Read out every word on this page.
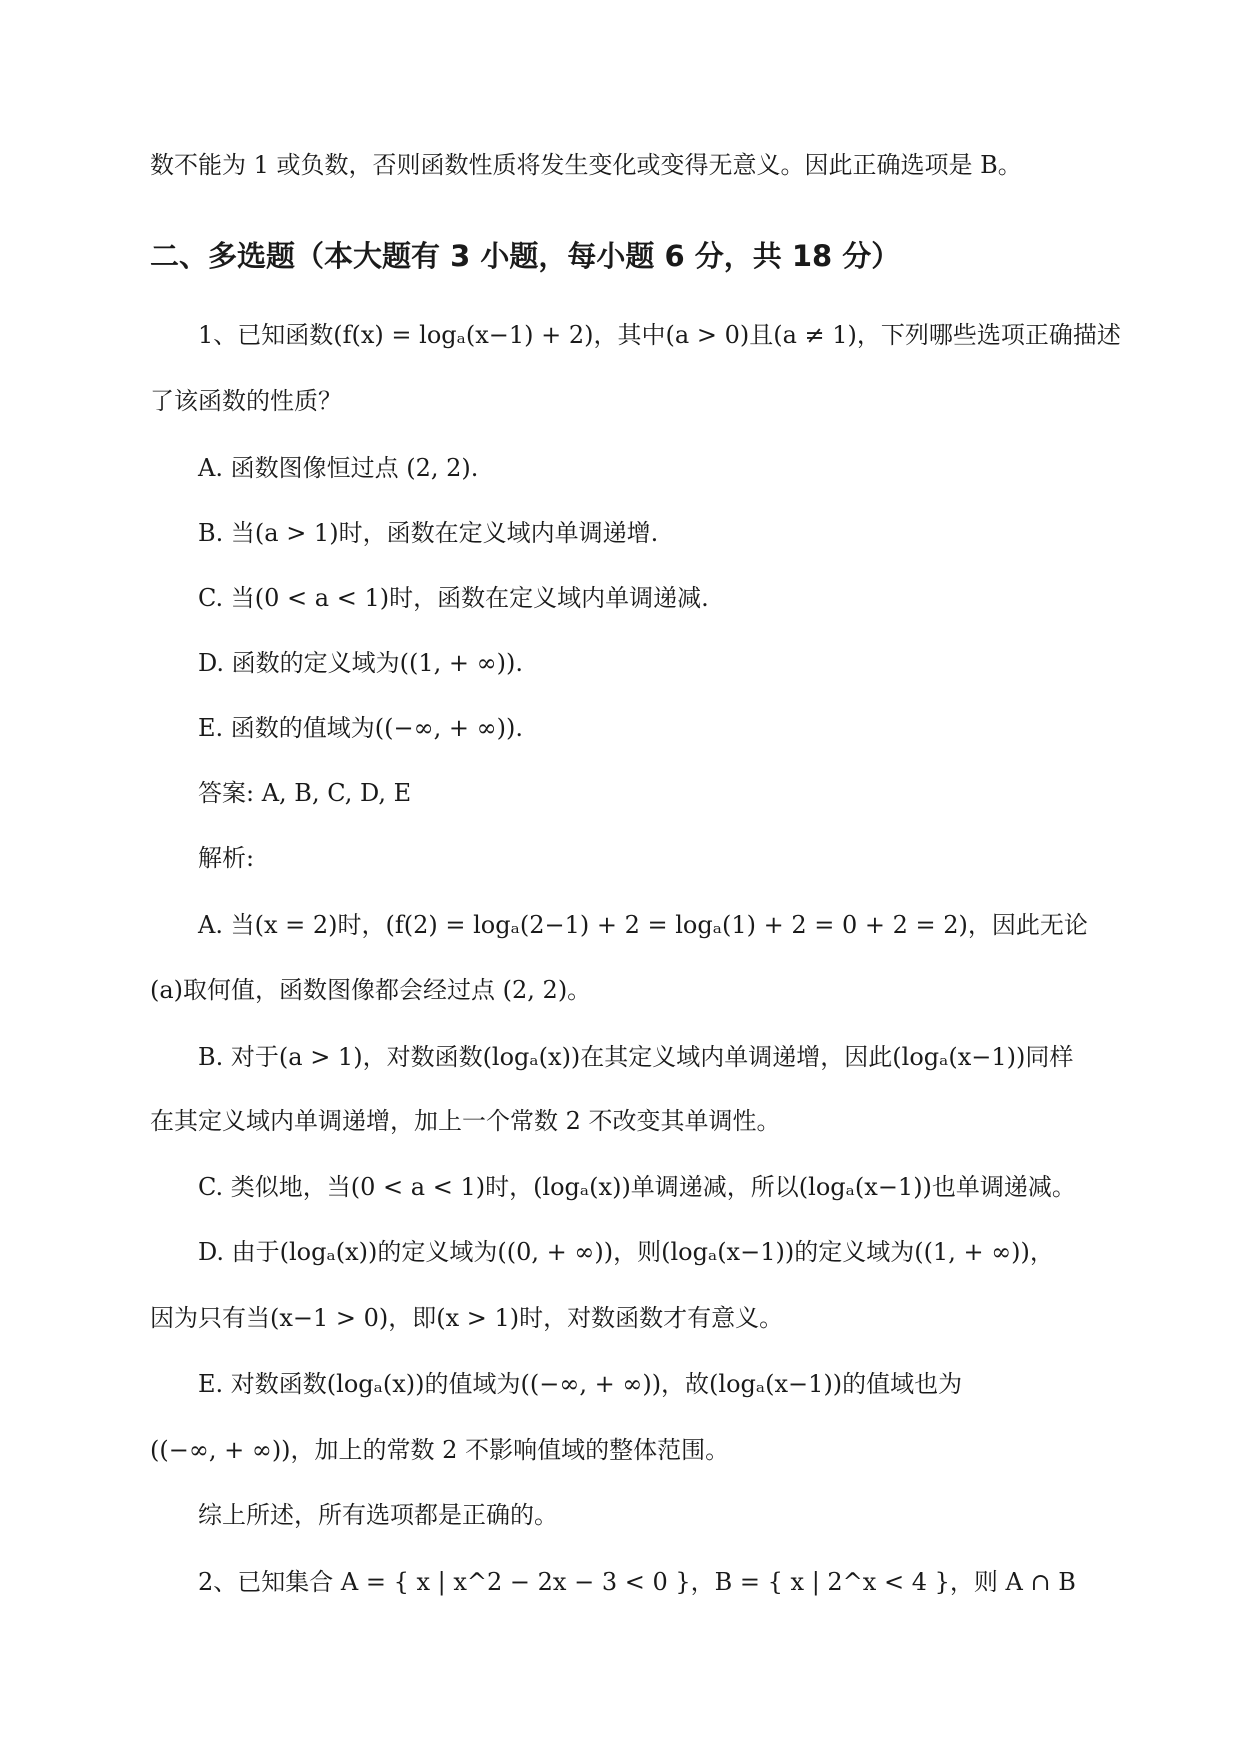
数不能为 1 或负数，否则函数性质将发生变化或变得无意义。因此正确选项是 B。
二、多选题（本大题有 3 小题，每小题 6 分，共 18 分）
1、已知函数(f(x) = logₐ(x−1) + 2)，其中(a > 0)且(a ≠ 1)，下列哪些选项正确描述
了该函数的性质？
A. 函数图像恒过点 (2, 2).
B. 当(a > 1)时，函数在定义域内单调递增.
C. 当(0 < a < 1)时，函数在定义域内单调递减.
D. 函数的定义域为((1, + ∞)).
E. 函数的值域为((−∞, + ∞)).
答案: A, B, C, D, E
解析:
A. 当(x = 2)时，(f(2) = logₐ(2−1) + 2 = logₐ(1) + 2 = 0 + 2 = 2)，因此无论
(a)取何值，函数图像都会经过点 (2, 2)。
B. 对于(a > 1)，对数函数(logₐ(x))在其定义域内单调递增，因此(logₐ(x−1))同样
在其定义域内单调递增，加上一个常数 2 不改变其单调性。
C. 类似地，当(0 < a < 1)时，(logₐ(x))单调递减，所以(logₐ(x−1))也单调递减。
D. 由于(logₐ(x))的定义域为((0, + ∞))，则(logₐ(x−1))的定义域为((1, + ∞))，
因为只有当(x−1 > 0)，即(x > 1)时，对数函数才有意义。
E. 对数函数(logₐ(x))的值域为((−∞, + ∞))，故(logₐ(x−1))的值域也为
((−∞, + ∞))，加上的常数 2 不影响值域的整体范围。
综上所述，所有选项都是正确的。
2、已知集合 A = { x | x^2 − 2x − 3 < 0 }，B = { x | 2^x < 4 }，则 A ∩ B
